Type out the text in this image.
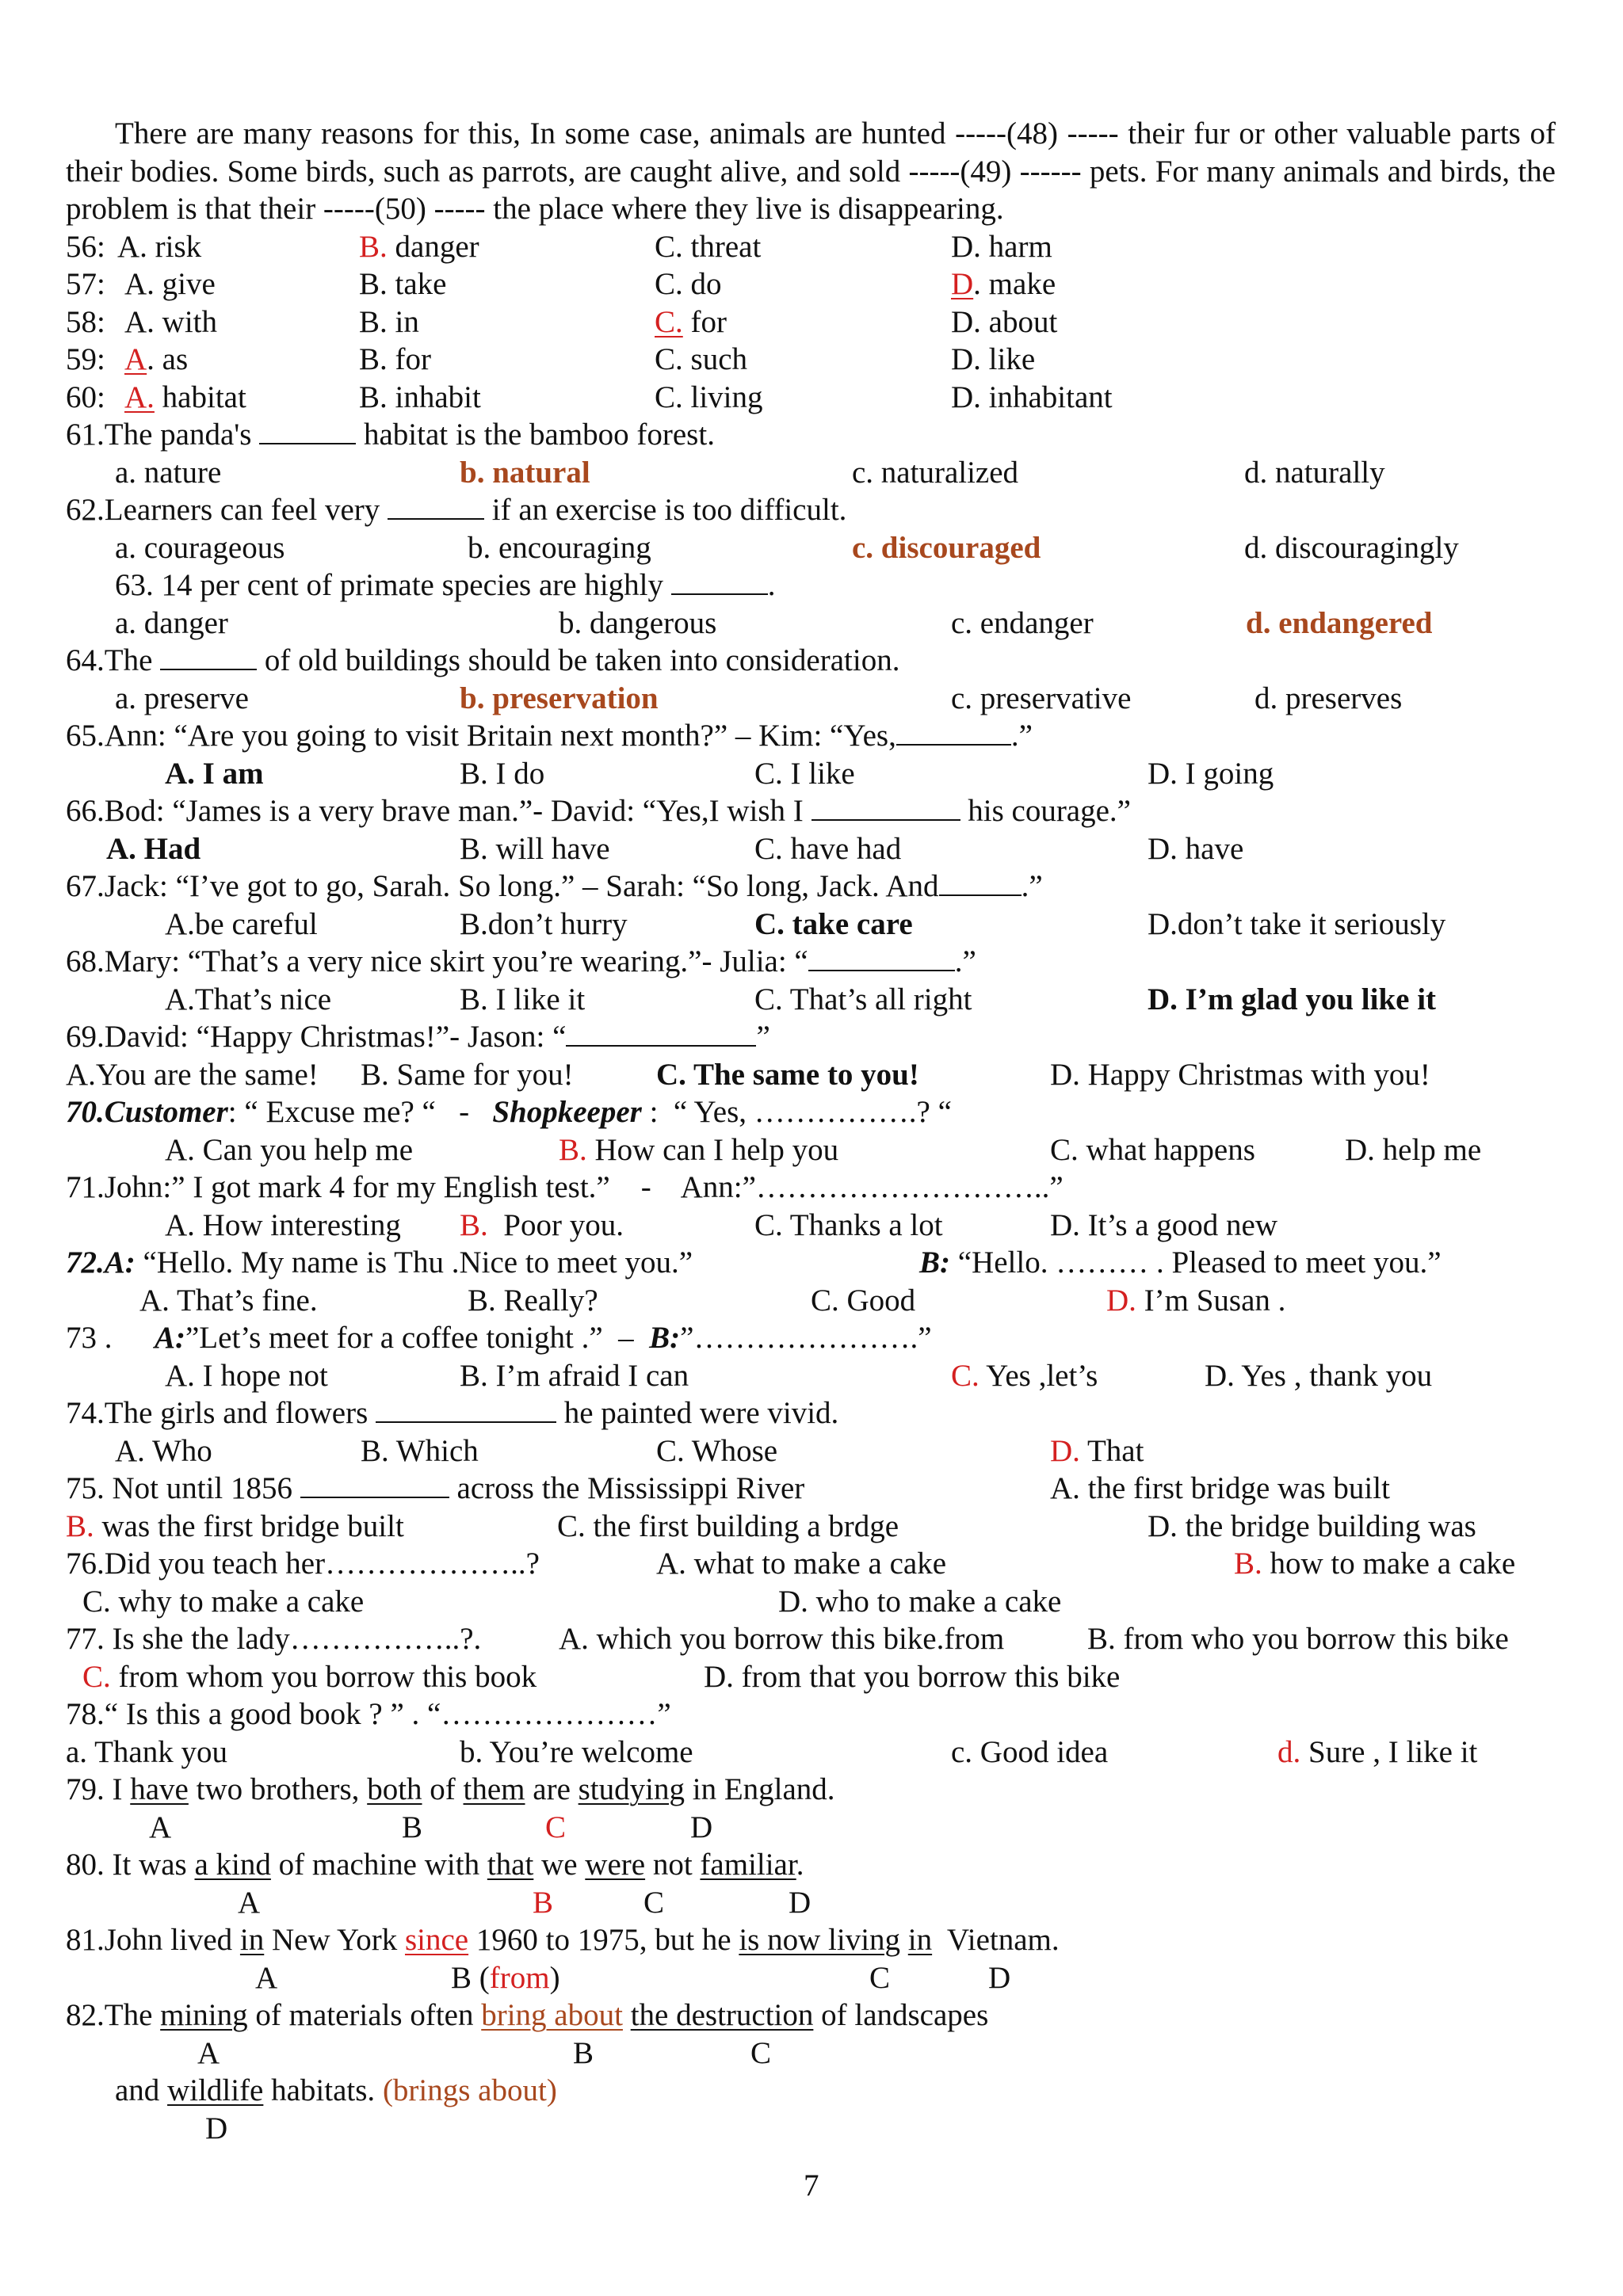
There are many reasons for this, In some case, animals are hunted -----(48) ----- their fur or other valuable parts of their bodies. Some birds, such as parrots, are caught alive, and sold -----(49) ------ pets. For many animals and birds, the problem is that their -----(50) ----- the place where they live is disappearing.
56: A. risk	B. danger	C. threat	D. harm
57: A. give	B. take	C. do	D. make
58: A. with	B. in	C. for	D. about
59: A. as	B. for	C. such	D. like
60: A. habitat	B. inhabit	C. living	D. inhabitant
61.The panda's	habitat is the bamboo forest.
a. nature	b. natural	c. naturalized	d. naturally
62.Learners can feel very	if an exercise is too difficult.
a. courageous	b. encouraging	c. discouraged	d. discouragingly
63. 14 per cent of primate species are highly	.
a. danger	b. dangerous	c. endanger	d. endangered
64.The	of old buildings should be taken into consideration.
a. preserve	b. preservation	c. preservative	d. preserves
65.Ann: “Are you going to visit Britain next month?” – Kim: “Yes,	.”
A. I am	B. I do	C. I like	D. I going
66.Bod: “James is a very brave man.”- David: “Yes,I wish I	his courage.”
A. Had	B. will have	C. have had	D. have
67.Jack: “I’ve got to go, Sarah. So long.” – Sarah: “So long, Jack. And	.”
A.be careful	B.don’t hurry	C. take care	D.don’t take it seriously
68.Mary: “That’s a very nice skirt you’re wearing.”- Julia: “	.”
A.That’s nice	B. I like it	C. That’s all right	D. I’m glad you like it
69.David: “Happy Christmas!”- Jason: “	”
A.You are the same! B. Same for you!	C. The same to you!	D. Happy Christmas with you!
70.Customer: “ Excuse me? “   -   Shopkeeper :  “ Yes, …………….? “
A. Can you help me	B. How can I help you	C. what happens	D. help me
71.John:” I got mark 4 for my English test.”    -    Ann:”………………………..”
A. How interesting B.  Poor you.	C. Thanks a lot	D. It’s a good new
72.A: “Hello. My name is Thu .Nice to meet you.”	B: “Hello. ……… . Pleased to meet you.”
A. That’s fine.	B. Really?	C. Good	D. I’m Susan .
73 . A:”Let’s meet for a coffee tonight .”  –  B:”………………….”
A. I hope not	B. I’m afraid I can	C. Yes ,let’s	D. Yes , thank you
74.The girls and flowers	he painted were vivid.
A. Who	B. Which	C. Whose	D. That
75. Not until 1856	across the Mississippi River	A. the first bridge was built
B. was the first bridge built	C. the first building a brdge	D. the bridge building was
76.Did you teach her………………..?	A. what to make a cake	B. how to make a cake
C. why to make a cake	D. who to make a cake
77. Is she the lady……………..?.	A. which you borrow this bike.from	B. from who you borrow this bike
C. from whom you borrow this book	D. from that you borrow this bike
78.“ Is this a good book ? ” . “…………………”
a. Thank you	b. You’re welcome	c. Good idea	d. Sure , I like it
79. I have two brothers, both of them are studying in England.
A	B	C	D
80. It was a kind of machine with that we were not familiar.
A	B	C	D
81.John lived in New York since 1960 to 1975, but he is now living in  Vietnam.
A	B (from)	C	D
82.The mining of materials often bring about the destruction of landscapes
A	B	C
and wildlife habitats. (brings about)
D
7
